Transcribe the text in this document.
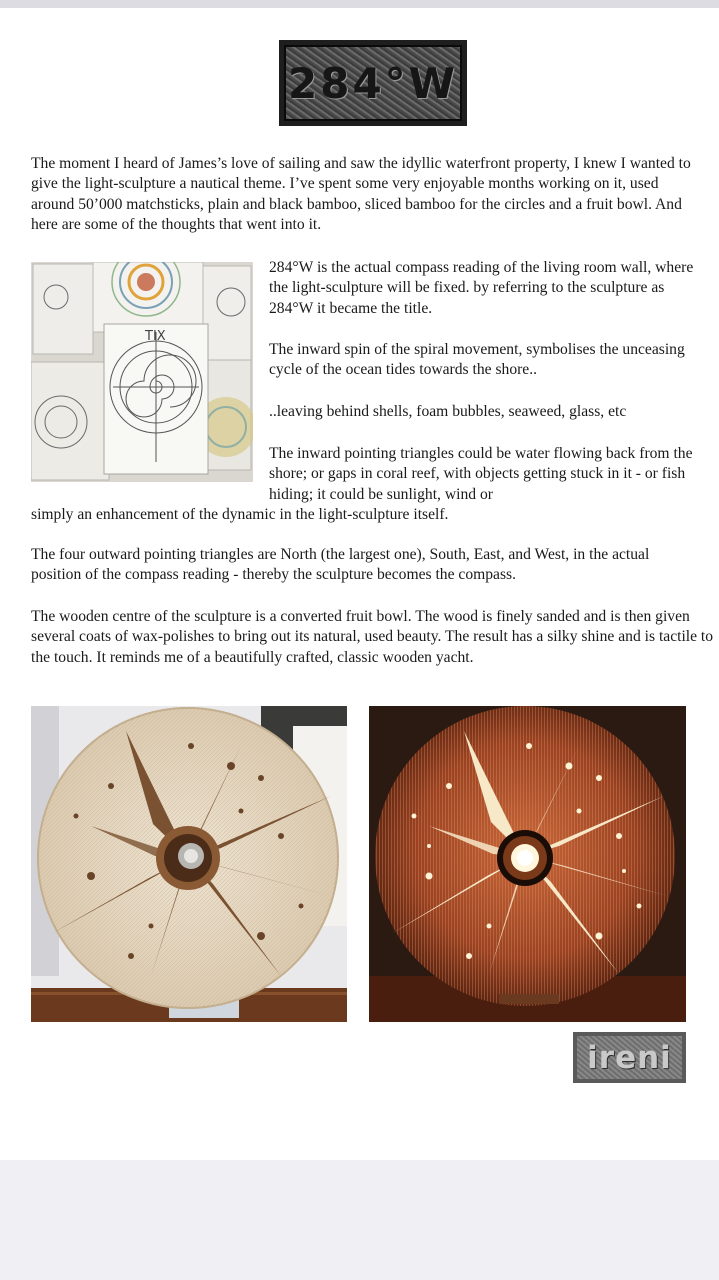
284°W

The moment I heard of James’s love of sailing and saw the idyllic waterfront property, I knew I wanted to give the light-sculpture a nautical theme. I’ve spent some very enjoyable months working on it, used around 50’000 matchsticks, plain and black bamboo, sliced bamboo for the circles and a fruit bowl. And here are some of the thoughts that went into it.

TIX

284°W is the actual compass reading of the living room wall, where the light-sculpture will be fixed. by referring to the sculpture as 284°W it became the title.

The inward spin of the spiral movement, symbolises the unceasing cycle of the ocean tides towards the shore..

..leaving behind shells, foam bubbles, seaweed, glass, etc

The inward pointing triangles could be water flowing back from the shore; or gaps in coral reef, with objects getting stuck in it - or fish hiding; it could be sunlight, wind or

simply an enhancement of the dynamic in the light-sculpture itself.

The four outward pointing triangles are North (the largest one), South, East, and West, in the actual position of the compass reading - thereby the sculpture becomes the compass.

The wooden centre of the sculpture is a converted fruit bowl. The wood is finely sanded and is then given several coats of wax-polishes to bring out its natural, used beauty. The result has a silky shine and is tactile to the touch. It reminds me of a beautifully crafted, classic wooden yacht.

ireni
